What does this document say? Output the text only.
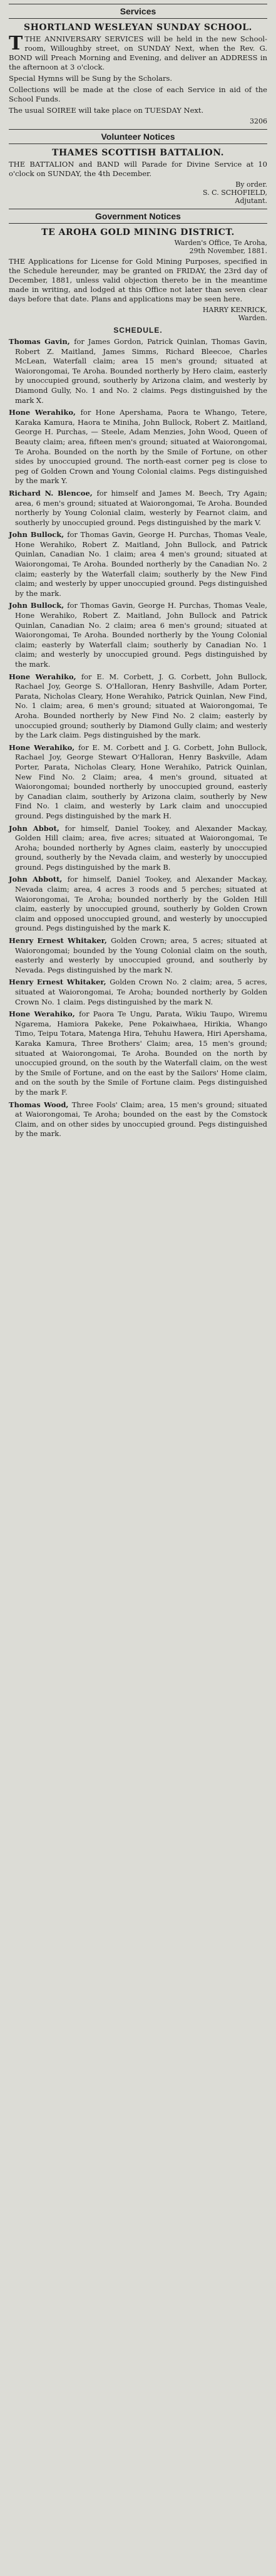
Services
SHORTLAND WESLEYAN SUNDAY SCHOOL.
T THE ANNIVERSARY SERVICES will be held in the new School-room, Willoughby street, on SUNDAY Next, when the Rev. G. BOND will Preach Morning and Evening, and deliver an ADDRESS in the afternoon at 3 o'clock.
Special Hymns will be Sung by the Scholars.
Collections will be made at the close of each Service in aid of the School Funds.
The usual SOIREE will take place on TUESDAY Next.
3206
Volunteer Notices
THAMES SCOTTISH BATTALION.
THE BATTALION and BAND will Parade for Divine Service at 10 o'clock on SUNDAY, the 4th December.
By order.
S. C. SCHOFIELD,
Adjutant.
Government Notices
TE AROHA GOLD MINING DISTRICT.
Warden's Office, Te Aroha,
29th November, 1881.
THE Applications for License for Gold Mining Purposes, specified in the Schedule hereunder, may be granted on FRIDAY, the 23rd day of December, 1881, unless valid objection thereto be in the meantime made in writing, and lodged at this Office not later than seven clear days before that date. Plans and applications may be seen here.
HARRY KENRICK,
Warden.
SCHEDULE.
Thomas Gavin, for James Gordon, Patrick Quinlan, Thomas Gavin, Robert Z. Maitland, James Simms, Richard Bleecoe, Charles McLean, Waterfall claim; area 15 men's ground; situated at Waiorongomai, Te Aroha. Bounded northerly by Hero claim, easterly by unoccupied ground, southerly by Arizona claim, and westerly by Diamond Gully, No. 1 and No. 2 claims. Pegs distinguished by the mark X.
Hone Werahiko, for Hone Apershama, Paora te Whango, Tetere, Karaka Kamura, Haora te Miniha, John Bullock, Robert Z. Maitland, George H. Purchas, — Steele, Adam Menzies, John Wood, Queen of Beauty claim; area, fifteen men's ground; situated at Waiorongomai, Te Aroha. Bounded on the north by the Smile of Fortune, on other sides by unoccupied ground. The north-east corner peg is close to peg of Golden Crown and Young Colonial claims. Pegs distinguished by the mark Y.
Richard N. Blencoe, for himself and James M. Beech, Try Again; area, 6 men's ground; situated at Waiorongomai, Te Aroha. Bounded northerly by Young Colonial claim, westerly by Fearnot claim, and southerly by unoccupied ground. Pegs distinguished by the mark V.
John Bullock, for Thomas Gavin, George H. Purchas, Thomas Veale, Hone Werahiko, Robert Z. Maitland, John Bullock, and Patrick Quinlan, Canadian No. 1 claim; area 4 men's ground; situated at Waiorongomai, Te Aroha. Bounded northerly by the Canadian No. 2 claim; easterly by the Waterfall claim; southerly by the New Find claim; and westerly by upper unoccupied ground. Pegs distinguished by the mark.
John Bullock, for Thomas Gavin, George H. Purchas, Thomas Veale, Hone Werahiko, Robert Z. Maitland, John Bullock and Patrick Quinlan, Canadian No. 2 claim; area 6 men's ground; situated at Waiorongomai, Te Aroha. Bounded northerly by the Young Colonial claim; easterly by Waterfall claim; southerly by Canadian No. 1 claim; and westerly by unoccupied ground. Pegs distinguished by the mark.
Hone Werahiko, for E. M. Corbett, J. G. Corbett, John Bullock, Rachael Joy, George S. O'Halloran, Henry Bashville, Adam Porter, Parata, Nicholas Cleary, Hone Werahiko, Patrick Quinlan, New Find, No. 1 claim; area, 6 men's ground; situated at Waiorongomai, Te Aroha. Bounded northerly by New Find No. 2 claim; easterly by unoccupied ground; southerly by Diamond Gully claim; and westerly by the Lark claim. Pegs distinguished by the mark.
Hone Werahiko, for E. M. Corbett and J. G. Corbett, John Bullock, Rachael Joy, George Stewart O'Halloran, Henry Baskville, Adam Porter, Parata, Nicholas Cleary, Hone Werahiko, Patrick Quinlan, New Find No. 2 Claim; area, 4 men's ground, situated at Waiorongomai; bounded northerly by unoccupied ground, easterly by Canadian claim, southerly by Arizona claim, southerly by New Find No. 1 claim, and westerly by Lark claim and unoccupied ground. Pegs distinguished by the mark H.
John Abbot, for himself, Daniel Tookey, and Alexander Mackay, Golden Hill claim; area, five acres; situated at Waiorongomai, Te Aroha; bounded northerly by Agnes claim, easterly by unoccupied ground, southerly by the Nevada claim, and westerly by unoccupied ground. Pegs distinguished by the mark B.
John Abbott, for himself, Daniel Tookey, and Alexander Mackay, Nevada claim; area, 4 acres 3 roods and 5 perches; situated at Waiorongomai, Te Aroha; bounded northerly by the Golden Hill claim, easterly by unoccupied ground, southerly by Golden Crown claim and opposed unoccupied ground, and westerly by unoccupied ground. Pegs distinguished by the mark K.
Henry Ernest Whitaker, Golden Crown; area, 5 acres; situated at Waiorongomai; bounded by the Young Colonial claim on the south, easterly and westerly by unoccupied ground, and southerly by Nevada. Pegs distinguished by the mark N.
Henry Ernest Whitaker, Golden Crown No. 2 claim; area, 5 acres, situated at Waiorongomai, Te Aroha; bounded northerly by Golden Crown No. 1 claim. Pegs distinguished by the mark N.
Hone Werahiko, for Paora Te Ungu, Parata, Wikiu Taupo, Wiremu Ngarema, Hamiora Pakeke, Pene Pokaiwhaea, Hirikia, Whango Timo, Teipu Totara, Matenga Hira, Tehuhu Hawera, Hiri Apershama, Karaka Kamura, Three Brothers' Claim; area, 15 men's ground; situated at Waiorongomai, Te Aroha. Bounded on the north by unoccupied ground, on the south by the Waterfall claim, on the west by the Smile of Fortune, and on the east by the Sailors' Home claim, and on the south by the Smile of Fortune claim. Pegs distinguished by the mark F.
Thomas Wood, Three Fools' Claim; area, 15 men's ground; situated at Waiorongomai, Te Aroha; bounded on the east by the Comstock Claim, and on other sides by unoccupied ground. Pegs distinguished by the mark.
